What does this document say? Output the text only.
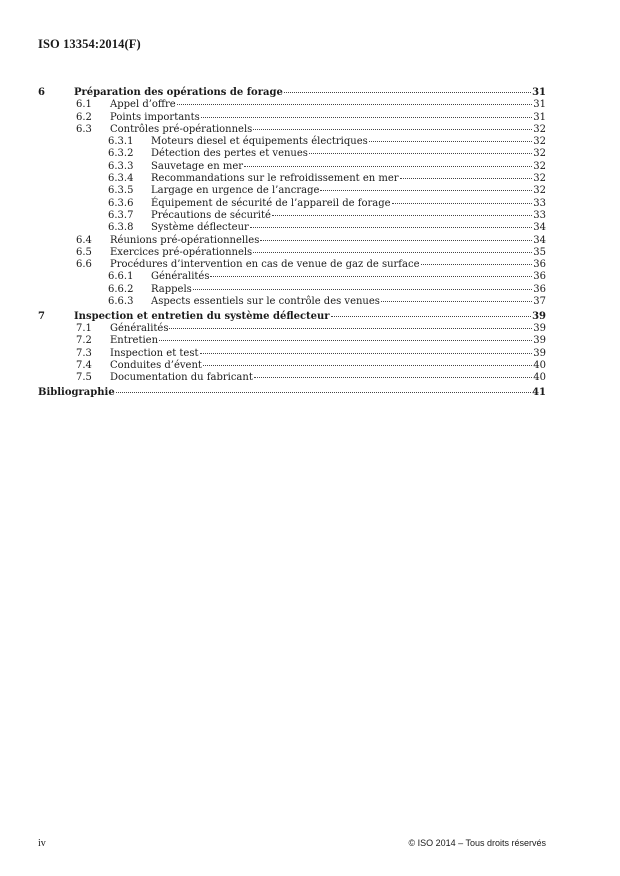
ISO 13354:2014(F)
6	Préparation des opérations de forage	31
6.1 Appel d’offre	31
6.2 Points importants	31
6.3 Contrôles pré-opérationnels	32
6.3.1 Moteurs diesel et équipements électriques	32
6.3.2 Détection des pertes et venues	32
6.3.3 Sauvetage en mer	32
6.3.4 Recommandations sur le refroidissement en mer	32
6.3.5 Largage en urgence de l’ancrage	32
6.3.6 Équipement de sécurité de l’appareil de forage	33
6.3.7 Précautions de sécurité	33
6.3.8 Système déflecteur	34
6.4 Réunions pré-opérationnelles	34
6.5 Exercices pré-opérationnels	35
6.6 Procédures d’intervention en cas de venue de gaz de surface	36
6.6.1 Généralités	36
6.6.2 Rappels	36
6.6.3 Aspects essentiels sur le contrôle des venues	37
7	Inspection et entretien du système déflecteur	39
7.1 Généralités	39
7.2 Entretien	39
7.3 Inspection et test	39
7.4 Conduites d’évent	40
7.5 Documentation du fabricant	40
Bibliographie	41
iv	© ISO 2014 – Tous droits réservés
